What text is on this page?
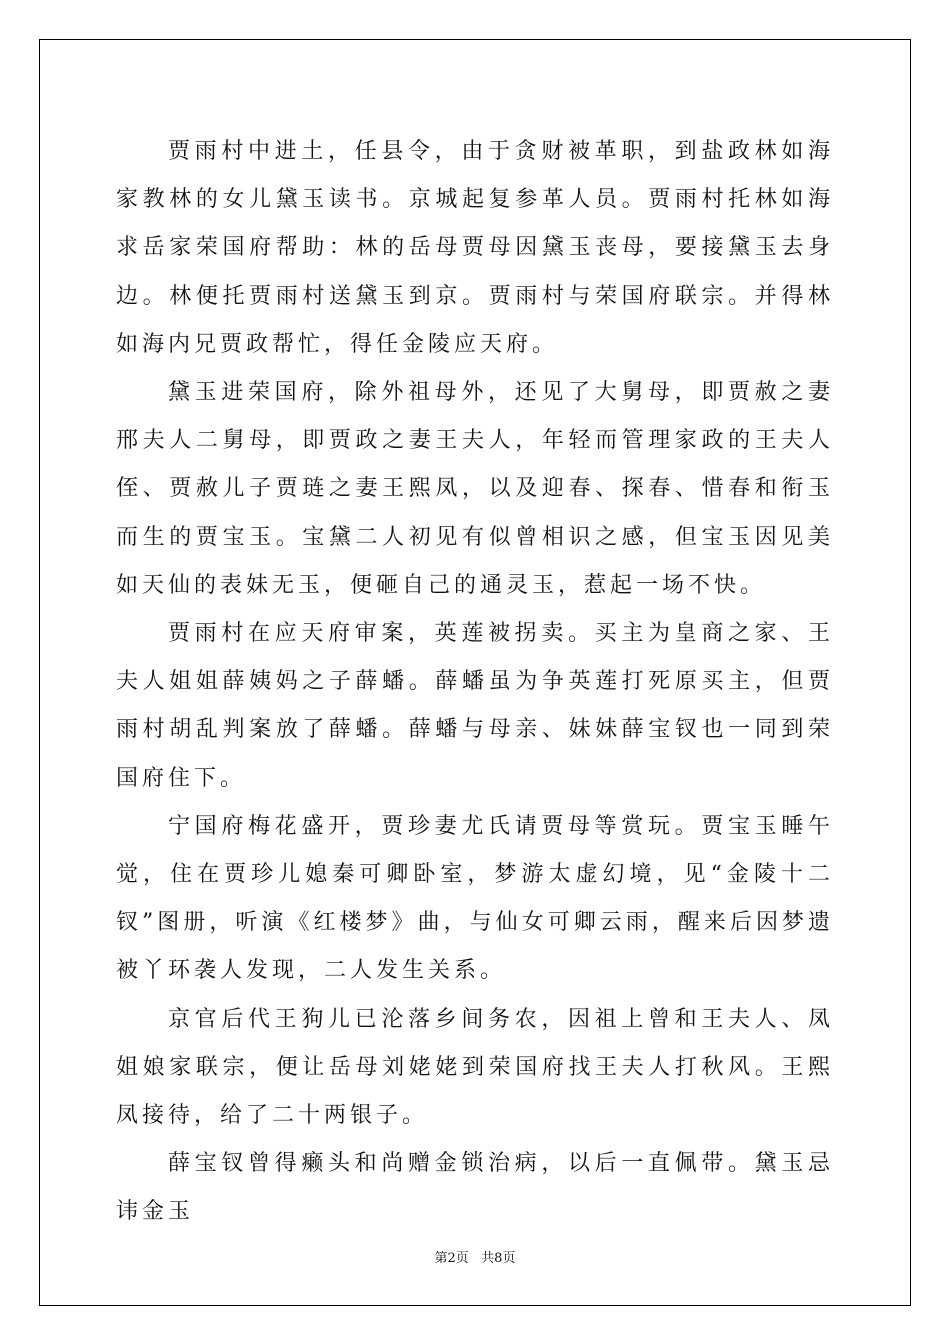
贾雨村中进土，任县令，由于贪财被革职，到盐政林如海家教林的女儿黛玉读书。京城起复参革人员。贾雨村托林如海求岳家荣国府帮助：林的岳母贾母因黛玉丧母，要接黛玉去身边。林便托贾雨村送黛玉到京。贾雨村与荣国府联宗。并得林如海内兄贾政帮忙，得任金陵应天府。

黛玉进荣国府，除外祖母外，还见了大舅母，即贾赦之妻邢夫人二舅母，即贾政之妻王夫人，年轻而管理家政的王夫人侄、贾赦儿子贾琏之妻王熙凤，以及迎春、探春、惜春和衔玉而生的贾宝玉。宝黛二人初见有似曾相识之感，但宝玉因见美如天仙的表妹无玉，便砸自己的通灵玉，惹起一场不快。

贾雨村在应天府审案，英莲被拐卖。买主为皇商之家、王夫人姐姐薛姨妈之子薛蟠。薛蟠虽为争英莲打死原买主，但贾雨村胡乱判案放了薛蟠。薛蟠与母亲、妹妹薛宝钗也一同到荣国府住下。

宁国府梅花盛开，贾珍妻尤氏请贾母等赏玩。贾宝玉睡午觉，住在贾珍儿媳秦可卿卧室，梦游太虚幻境，见“金陵十二钗”图册，听演《红楼梦》曲，与仙女可卿云雨，醒来后因梦遗被丫环袭人发现，二人发生关系。

京官后代王狗儿已沦落乡间务农，因祖上曾和王夫人、凤姐娘家联宗，便让岳母刘姥姥到荣国府找王夫人打秋风。王熙凤接待，给了二十两银子。

薛宝钗曾得癞头和尚赠金锁治病，以后一直佩带。黛玉忌讳金玉

第2页   共8页
